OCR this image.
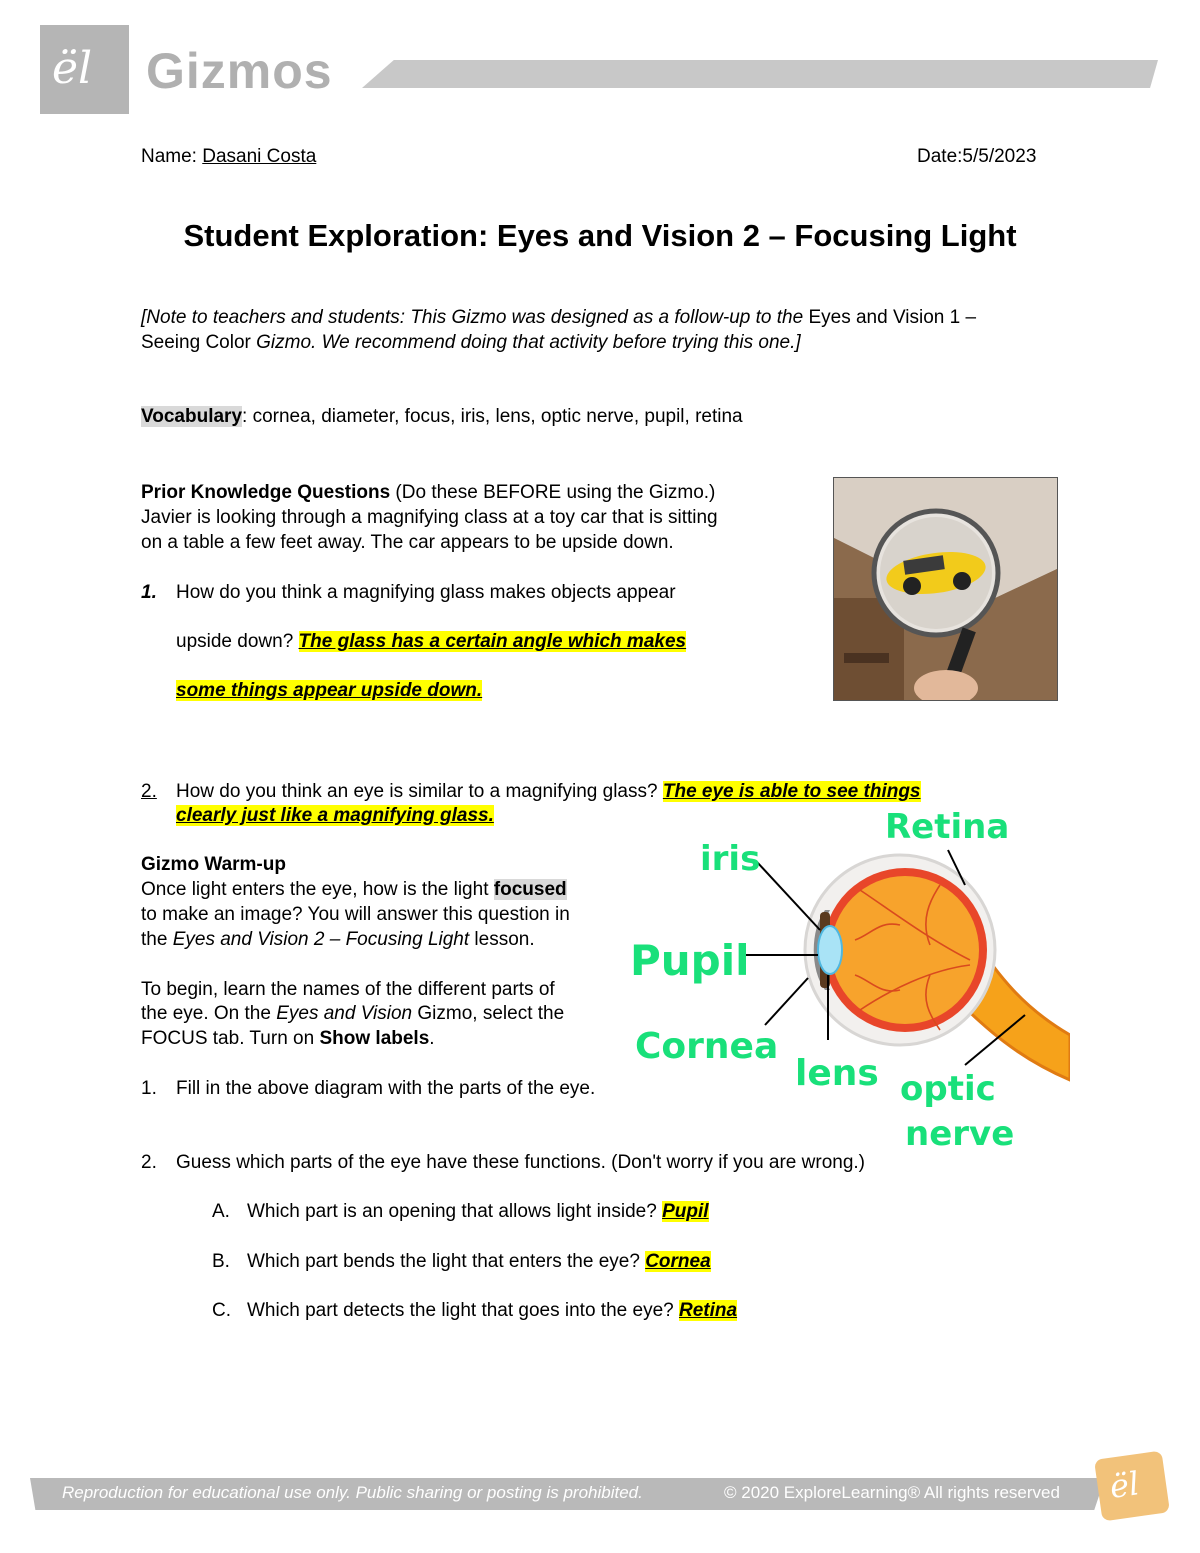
ël Gizmos
Name: Dasani Costa	Date:5/5/2023
Student Exploration: Eyes and Vision 2 – Focusing Light
[Note to teachers and students: This Gizmo was designed as a follow-up to the Eyes and Vision 1 – Seeing Color Gizmo. We recommend doing that activity before trying this one.]
Vocabulary: cornea, diameter, focus, iris, lens, optic nerve, pupil, retina
Prior Knowledge Questions (Do these BEFORE using the Gizmo.)
Javier is looking through a magnifying class at a toy car that is sitting
on a table a few feet away. The car appears to be upside down.
1. How do you think a magnifying glass makes objects appear
upside down? The glass has a certain angle which makes
some things appear upside down.
2. How do you think an eye is similar to a magnifying glass? The eye is able to see things
clearly just like a magnifying glass.
Gizmo Warm-up
Once light enters the eye, how is the light focused
to make an image? You will answer this question in
the Eyes and Vision 2 – Focusing Light lesson.
To begin, learn the names of the different parts of
the eye. On the Eyes and Vision Gizmo, select the
FOCUS tab. Turn on Show labels.
1. Fill in the above diagram with the parts of the eye.
2. Guess which parts of the eye have these functions. (Don't worry if you are wrong.)
A. Which part is an opening that allows light inside? Pupil
B. Which part bends the light that enters the eye? Cornea
C. Which part detects the light that goes into the eye? Retina
iris
Retina
Pupil
Cornea
lens optic
nerve
Reproduction for educational use only. Public sharing or posting is prohibited.	© 2020 ExploreLearning® All rights reserved ël
